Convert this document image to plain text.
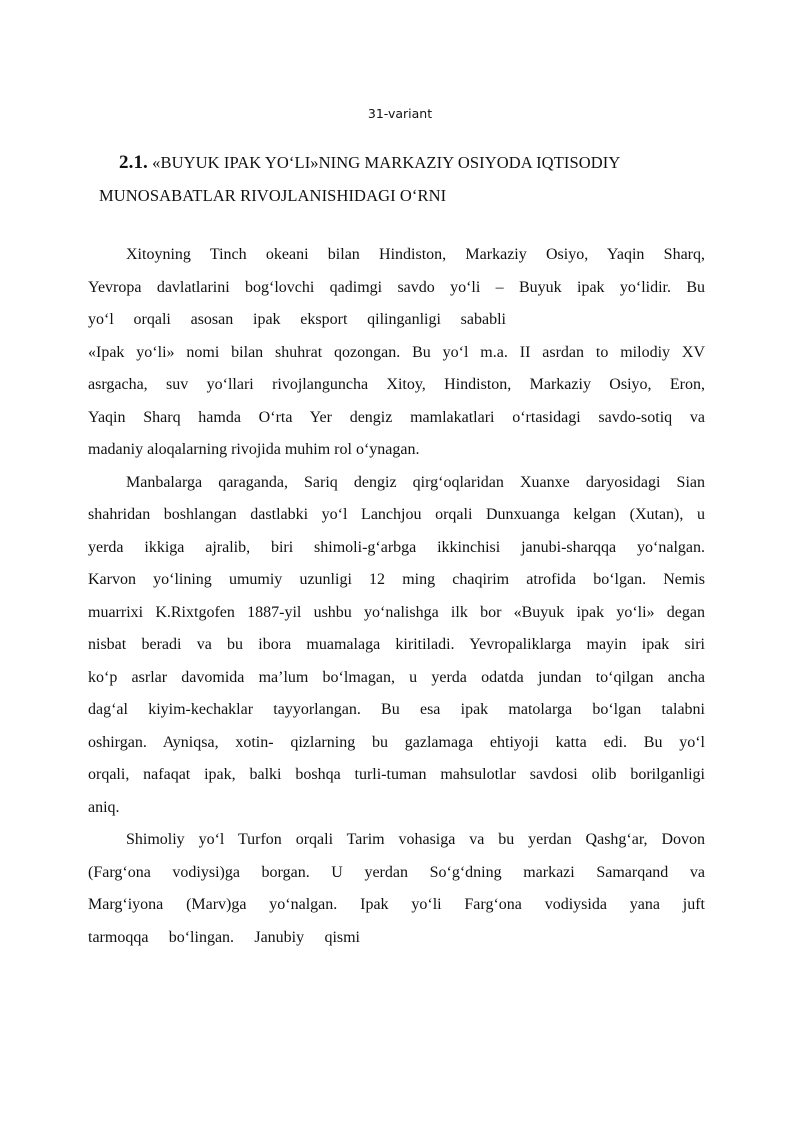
31-variant
2.1. «BUYUK IPAK YO‘LI»NING MARKAZIY OSIYODA IQTISODIY
MUNOSABATLAR RIVOJLANISHIDAGI O‘RNI

Xitoyning Tinch okeani bilan Hindiston, Markaziy Osiyo, Yaqin Sharq,
Yevropa davlatlarini bog‘lovchi qadimgi savdo yo‘li – Buyuk ipak yo‘lidir. Bu
yo‘l orqali asosan ipak eksport qilinganligi sababli
«Ipak yo‘li» nomi bilan shuhrat qozongan. Bu yo‘l m.a. II asrdan to milodiy XV
asrgacha, suv yo‘llari rivojlanguncha Xitoy, Hindiston, Markaziy Osiyo, Eron,
Yaqin Sharq hamda O‘rta Yer dengiz mamlakatlari o‘rtasidagi savdo-sotiq va
madaniy aloqalarning rivojida muhim rol o‘ynagan.

Manbalarga qaraganda, Sariq dengiz qirg‘oqlaridan Xuanxe daryosidagi Sian
shahridan boshlangan dastlabki yo‘l Lanchjou orqali Dunxuanga kelgan (Xutan), u
yerda ikkiga ajralib, biri shimoli-g‘arbga ikkinchisi janubi-sharqqa yo‘nalgan.
Karvon yo‘lining umumiy uzunligi 12 ming chaqirim atrofida bo‘lgan. Nemis
muarrixi K.Rixtgofen 1887-yil ushbu yo‘nalishga ilk bor «Buyuk ipak yo‘li» degan
nisbat beradi va bu ibora muamalaga kiritiladi. Yevropaliklarga mayin ipak siri
ko‘p asrlar davomida ma’lum bo‘lmagan, u yerda odatda jundan to‘qilgan ancha
dag‘al kiyim-kechaklar tayyorlangan. Bu esa ipak matolarga bo‘lgan talabni
oshirgan. Ayniqsa, xotin- qizlarning bu gazlamaga ehtiyoji katta edi. Bu yo‘l
orqali, nafaqat ipak, balki boshqa turli-tuman mahsulotlar savdosi olib borilganligi
aniq.

Shimoliy yo‘l Turfon orqali Tarim vohasiga va bu yerdan Qashg‘ar, Dovon
(Farg‘ona vodiysi)ga borgan. U yerdan So‘g‘dning markazi Samarqand va
Marg‘iyona (Marv)ga yo‘nalgan. Ipak yo‘li Farg‘ona vodiysida yana juft
tarmoqqa bo‘lingan. Janubiy qismi
